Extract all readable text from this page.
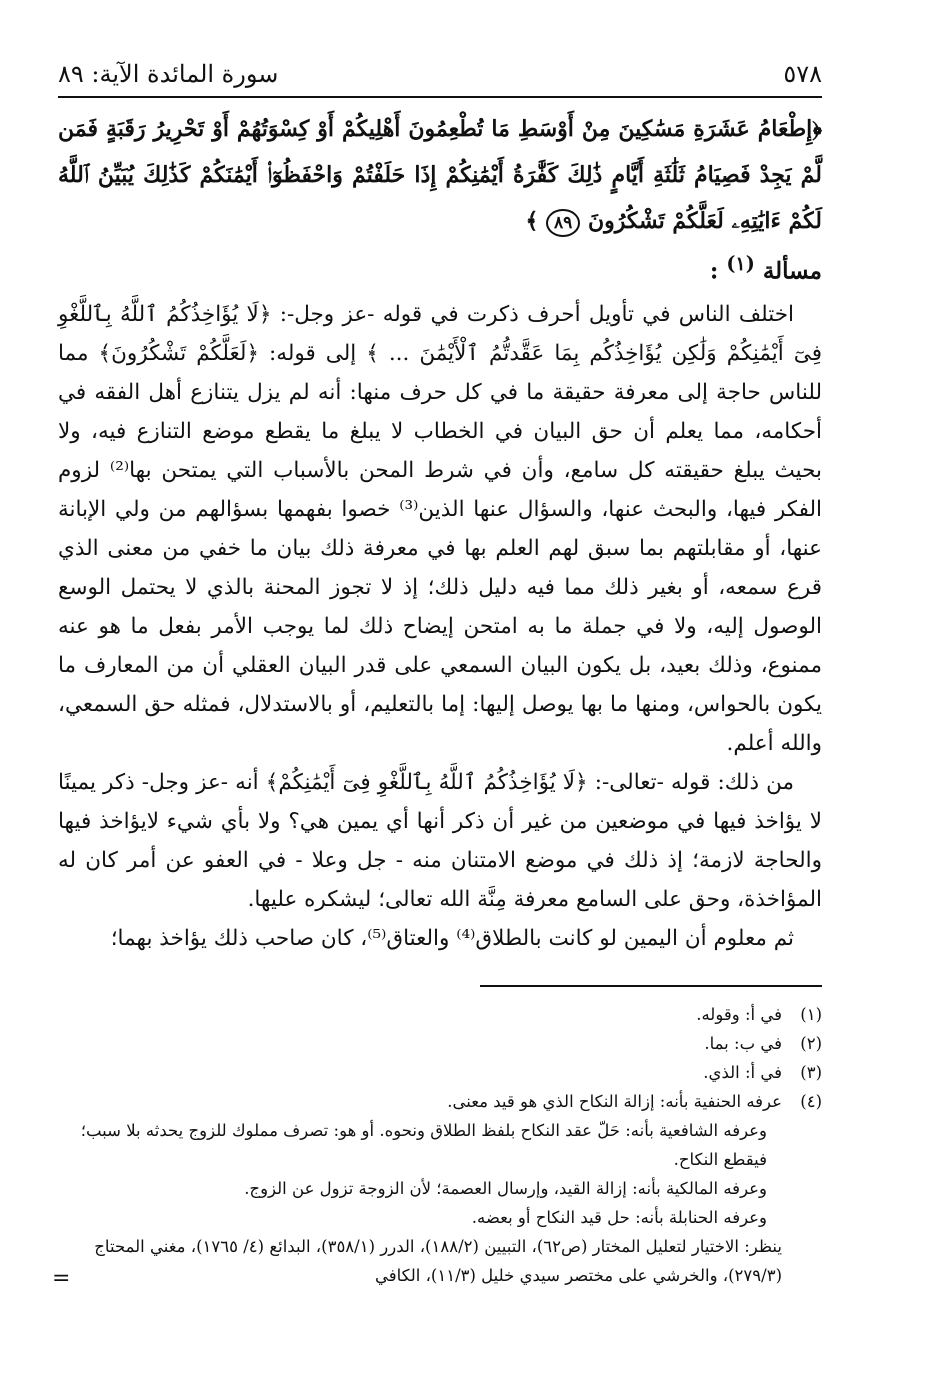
٥٧٨
سورة المائدة الآية: ٨٩

﴿إِطْعَامُ عَشَرَةِ مَسَٰكِينَ مِنْ أَوْسَطِ مَا تُطْعِمُونَ أَهْلِيكُمْ أَوْ كِسْوَتُهُمْ أَوْ تَحْرِيرُ رَقَبَةٍ فَمَن لَّمْ يَجِدْ فَصِيَامُ ثَلَٰثَةِ أَيَّامٍ ذَٰلِكَ كَفَّٰرَةُ أَيْمَٰنِكُمْ إِذَا حَلَفْتُمْ وَاحْفَظُوٓا۟ أَيْمَٰنَكُمْ كَذَٰلِكَ يُبَيِّنُ ٱللَّهُ لَكُمْ ءَايَٰتِهِۦ لَعَلَّكُمْ تَشْكُرُونَ ٨٩ ﴾

مسألة $^{(١)}$ :

اختلف الناس في تأويل أحرف ذكرت في قوله -عز وجل-: ﴿لَا يُؤَاخِذُكُمُ ٱللَّهُ بِٱللَّغْوِ فِىٓ أَيْمَٰنِكُمْ وَلَٰكِن يُؤَاخِذُكُم بِمَا عَقَّدتُّمُ ٱلْأَيْمَٰنَ ... ﴾ إلى قوله: ﴿لَعَلَّكُمْ تَشْكُرُونَ﴾ مما للناس حاجة إلى معرفة حقيقة ما في كل حرف منها: أنه لم يزل يتنازع أهل الفقه في أحكامه، مما يعلم أن حق البيان في الخطاب لا يبلغ ما يقطع موضع التنازع فيه، ولا بحيث يبلغ حقيقته كل سامع، وأن في شرط المحن بالأسباب التي يمتحن بها⁽²⁾ لزوم الفكر فيها، والبحث عنها، والسؤال عنها الذين⁽³⁾ خصوا بفهمها بسؤالهم من ولي الإبانة عنها، أو مقابلتهم بما سبق لهم العلم بها في معرفة ذلك بيان ما خفي من معنى الذي قرع سمعه، أو بغير ذلك مما فيه دليل ذلك؛ إذ لا تجوز المحنة بالذي لا يحتمل الوسع الوصول إليه، ولا في جملة ما به امتحن إيضاح ذلك لما يوجب الأمر بفعل ما هو عنه ممنوع، وذلك بعيد، بل يكون البيان السمعي على قدر البيان العقلي أن من المعارف ما يكون بالحواس، ومنها ما بها يوصل إليها: إما بالتعليم، أو بالاستدلال، فمثله حق السمعي، والله أعلم.

من ذلك: قوله -تعالى-: ﴿لَا يُؤَاخِذُكُمُ ٱللَّهُ بِٱللَّغْوِ فِىٓ أَيْمَٰنِكُمْ﴾ أنه -عز وجل- ذكر يمينًا لا يؤاخذ فيها في موضعين من غير أن ذكر أنها أي يمين هي؟ ولا بأي شيء لايؤاخذ فيها والحاجة لازمة؛ إذ ذلك في موضع الامتنان منه - جل وعلا - في العفو عن أمر كان له المؤاخذة، وحق على السامع معرفة مِنَّة الله تعالى؛ ليشكره عليها.

ثم معلوم أن اليمين لو كانت بالطلاق⁽⁴⁾ والعتاق⁽⁵⁾، كان صاحب ذلك يؤاخذ بهما؛

(١)في أ: وقوله.

(٢)في ب: بما.

(٣)في أ: الذي.

(٤)عرفه الحنفية بأنه: إزالة النكاح الذي هو قيد معنى.

وعرفه الشافعية بأنه: حَلّ عقد النكاح بلفظ الطلاق ونحوه. أو هو: تصرف مملوك للزوج يحدثه بلا سبب؛ فيقطع النكاح.

وعرفه المالكية بأنه: إزالة القيد، وإرسال العصمة؛ لأن الزوجة تزول عن الزوج.

وعرفه الحنابلة بأنه: حل قيد النكاح أو بعضه.

ينظر: الاختيار لتعليل المختار (ص٦٢)، التبيين (١٨٨/٢)، الدرر (٣٥٨/١)، البدائع (٤/ ١٧٦٥)، مغني المحتاج (٢٧٩/٣)، والخرشي على مختصر سيدي خليل (١١/٣)، الكافي

=
